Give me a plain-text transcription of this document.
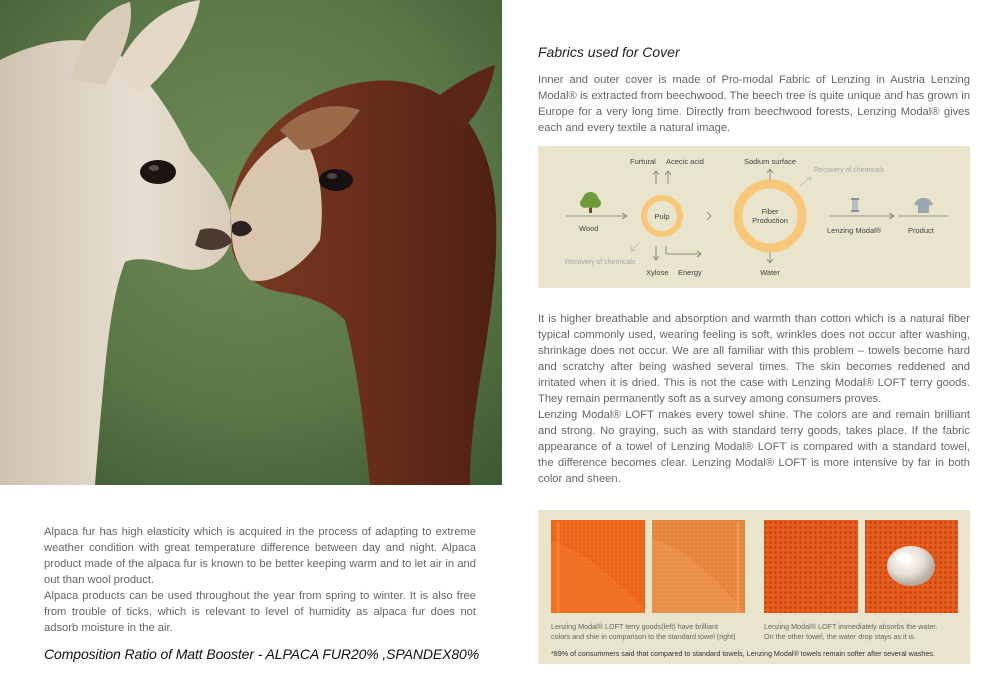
Fabrics used for Cover
Inner and outer cover is made of Pro-modal Fabric of Lenzing in Austria Lenzing Modal® is extracted from beechwood. The beech tree is quite unique and has grown in Europe for a very long time. Directly from beechwood forests, Lenzing Modal® gives each and every textile a natural image.
Wood
Pulp
Furtural Acecic acid
Xylose Energy
Recovery of chemicals
Fiber
Production
Sodium surface
Water
Recovery of chemicals
Lenzing Modal®	Product

It is higher breathable and absorption and warmth than cotton which is a natural fiber typical commonly used, wearing feeling is soft, wrinkles does not occur after washing, shrinkage does not occur. We are all familiar with this problem – towels become hard and scratchy after being washed several times. The skin becomes reddened and irritated when it is dried. This is not the case with Lenzing Modal® LOFT terry goods. They remain permanently soft as a survey among consumers proves.

Lenzing Modal® LOFT makes every towel shine. The colors are and remain brilliant and strong. No graying, such as with standard terry goods, takes place. If the fabric appearance of a towel of Lenzing Modal® LOFT is compared with a standard towel, the difference becomes clear. Lenzing Modal® LOFT is more intensive by far in both color and sheen.

Lenzing Modal® LOFT terry goods(left) have brilliant
colors and shie in comparison to the standard towel (right)
Lenzing Modal® LOFT immediately absorbs the water.
On the other towel, the water drop stays as it is.
*89% of consummers said that compared to standard towels, Lenzing Modal® towels remain softer after several washes.

Alpaca fur has high elasticity which is acquired in the process of adapting to extreme weather condition with great temperature difference between day and night. Alpaca product made of the alpaca fur is known to be better keeping warm and to let air in and out than wool product.

Alpaca products can be used throughout the year from spring to winter. It is also free from trouble of ticks, which is relevant to level of humidity as alpaca fur does not adsorb moisture in the air.

Composition Ratio of Matt Booster - ALPACA FUR20% ,SPANDEX80%
